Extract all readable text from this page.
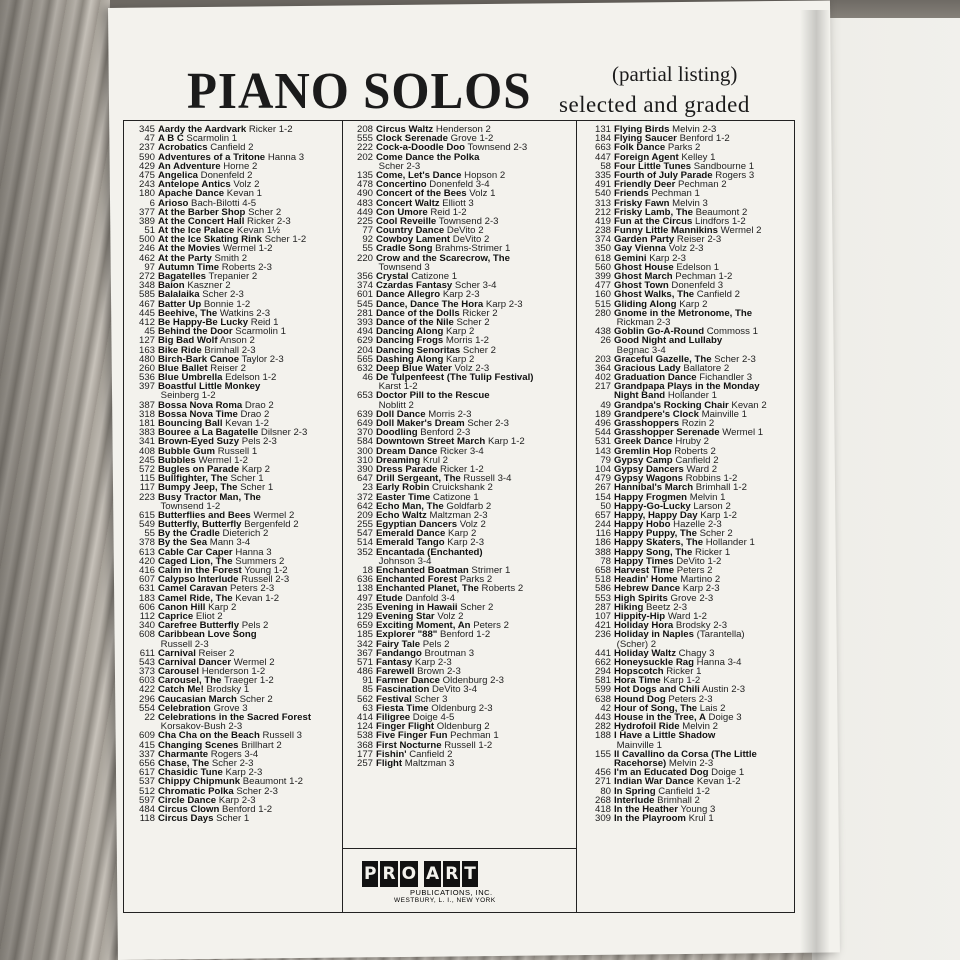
PIANO SOLOS	(partial listing)
selected and graded
345 Aardy the Aardvark Ricker 1-2
47 A B C Scarmolin 1
237 Acrobatics Canfield 2
590 Adventures of a Tritone Hanna 3
429 An Adventure Horne 2
475 Angelica Donenfeld 2
243 Antelope Antics Volz 2
180 Apache Dance Kevan 1
6 Arioso Bach-Bilotti 4-5
377 At the Barber Shop Scher 2
389 At the Concert Hall Ricker 2-3
51 At the Ice Palace Kevan 1½
500 At the Ice Skating Rink Scher 1-2
246 At the Movies Wermel 1-2
462 At the Party Smith 2
97 Autumn Time Roberts 2-3
272 Bagatelles Trepanier 2
348 Baion Kaszner 2
585 Balalaika Scher 2-3
467 Batter Up Bonnie 1-2
445 Beehive, The Watkins 2-3
412 Be Happy-Be Lucky Reid 1
45 Behind the Door Scarmolin 1
127 Big Bad Wolf Anson 2
163 Bike Ride Brimhall 2-3
480 Birch-Bark Canoe Taylor 2-3
260 Blue Ballet Reiser 2
536 Blue Umbrella Edelson 1-2
397 Boastful Little Monkey
Seinberg 1-2
387 Bossa Nova Roma Drao 2
318 Bossa Nova Time Drao 2
181 Bouncing Ball Kevan 1-2
383 Bouree a La Bagatelle Dilsner 2-3
341 Brown-Eyed Suzy Pels 2-3
408 Bubble Gum Russell 1
245 Bubbles Wermel 1-2
572 Bugles on Parade Karp 2
115 Bullfighter, The Scher 1
117 Bumpy Jeep, The Scher 1
223 Busy Tractor Man, The
Townsend 1-2
615 Butterflies and Bees Wermel 2
549 Butterfly, Butterfly Bergenfeld 2
55 By the Cradle Dieterich 2
378 By the Sea Mann 3-4
613 Cable Car Caper Hanna 3
420 Caged Lion, The Summers 2
416 Calm in the Forest Young 1-2
607 Calypso Interlude Russell 2-3
631 Camel Caravan Peters 2-3
183 Camel Ride, The Kevan 1-2
606 Canon Hill Karp 2
112 Caprice Eliot 2
340 Carefree Butterfly Pels 2
608 Caribbean Love Song
Russell 2-3
611 Carnival Reiser 2
543 Carnival Dancer Wermel 2
373 Carousel Henderson 1-2
603 Carousel, The Traeger 1-2
422 Catch Me! Brodsky 1
296 Caucasian March Scher 2
554 Celebration Grove 3
22 Celebrations in the Sacred Forest
Korsakov-Bush 2-3
609 Cha Cha on the Beach Russell 3
415 Changing Scenes Brillhart 2
337 Charmante Rogers 3-4
656 Chase, The Scher 2-3
617 Chasidic Tune Karp 2-3
537 Chippy Chipmunk Beaumont 1-2
512 Chromatic Polka Scher 2-3
597 Circle Dance Karp 2-3
484 Circus Clown Benford 1-2
118 Circus Days Scher 1
208 Circus Waltz Henderson 2
555 Clock Serenade Grove 1-2
222 Cock-a-Doodle Doo Townsend 2-3
202 Come Dance the Polka
Scher 2-3
135 Come, Let's Dance Hopson 2
478 Concertino Donenfeld 3-4
490 Concert of the Bees Volz 1
483 Concert Waltz Elliott 3
449 Con Umore Reid 1-2
225 Cool Reveille Townsend 2-3
77 Country Dance DeVito 2
92 Cowboy Lament DeVito 2
55 Cradle Song Brahms-Strimer 1
220 Crow and the Scarecrow, The
Townsend 3
356 Crystal Catizone 1
374 Czardas Fantasy Scher 3-4
601 Dance Allegro Karp 2-3
545 Dance, Dance The Hora Karp 2-3
281 Dance of the Dolls Ricker 2
393 Dance of the Nile Scher 2
494 Dancing Along Karp 2
629 Dancing Frogs Morris 1-2
204 Dancing Senoritas Scher 2
565 Dashing Along Karp 2
632 Deep Blue Water Volz 2-3
46 De Tulpenfeest (The Tulip Festival)
Karst 1-2
653 Doctor Pill to the Rescue
Noblitt 2
639 Doll Dance Morris 2-3
649 Doll Maker's Dream Scher 2-3
370 Doodling Benford 2-3
584 Downtown Street March Karp 1-2
300 Dream Dance Ricker 3-4
310 Dreaming Krul 2
390 Dress Parade Ricker 1-2
647 Drill Sergeant, The Russell 3-4
23 Early Robin Cruickshank 2
372 Easter Time Catizone 1
642 Echo Man, The Goldfarb 2
209 Echo Waltz Maltzman 2-3
255 Egyptian Dancers Volz 2
547 Emerald Dance Karp 2
514 Emerald Tango Karp 2-3
352 Encantada (Enchanted)
Johnson 3-4
18 Enchanted Boatman Strimer 1
636 Enchanted Forest Parks 2
138 Enchanted Planet, The Roberts 2
497 Etude Danfold 3-4
235 Evening in Hawaii Scher 2
129 Evening Star Volz 2
659 Exciting Moment, An Peters 2
185 Explorer "88" Benford 1-2
342 Fairy Tale Pels 2
367 Fandango Broutman 3
571 Fantasy Karp 2-3
486 Farewell Brown 2-3
91 Farmer Dance Oldenburg 2-3
85 Fascination DeVito 3-4
562 Festival Scher 3
63 Fiesta Time Oldenburg 2-3
414 Filigree Doige 4-5
124 Finger Flight Oldenburg 2
538 Five Finger Fun Pechman 1
368 First Nocturne Russell 1-2
177 Fishin' Canfield 2
257 Flight Maltzman 3
131 Flying Birds Melvin 2-3
184 Flying Saucer Benford 1-2
663 Folk Dance Parks 2
447 Foreign Agent Kelley 1
58 Four Little Tunes Sandbourne 1
335 Fourth of July Parade Rogers 3
491 Friendly Deer Pechman 2
540 Friends Pechman 1
313 Frisky Fawn Melvin 3
212 Frisky Lamb, The Beaumont 2
419 Fun at the Circus Lindfors 1-2
238 Funny Little Mannikins Wermel 2
374 Garden Party Reiser 2-3
350 Gay Vienna Volz 2-3
618 Gemini Karp 2-3
560 Ghost House Edelson 1
399 Ghost March Pechman 1-2
477 Ghost Town Donenfeld 3
160 Ghost Walks, The Canfield 2
515 Gliding Along Karp 2
280 Gnome in the Metronome, The
Rickman 2-3
438 Goblin Go-A-Round Commoss 1
26 Good Night and Lullaby
Begnac 3-4
203 Graceful Gazelle, The Scher 2-3
364 Gracious Lady Ballatore 2
402 Graduation Dance Fichandler 3
217 Grandpapa Plays in the Monday
Night Band Hollander 1
49 Grandpa's Rocking Chair Kevan 2
189 Grandpere's Clock Mainville 1
496 Grasshoppers Rozin 2
544 Grasshopper Serenade Wermel 1
531 Greek Dance Hruby 2
143 Gremlin Hop Roberts 2
79 Gypsy Camp Canfield 2
104 Gypsy Dancers Ward 2
479 Gypsy Wagons Robbins 1-2
267 Hannibal's March Brimhall 1-2
154 Happy Frogmen Melvin 1
50 Happy-Go-Lucky Larson 2
657 Happy, Happy Day Karp 1-2
244 Happy Hobo Hazelle 2-3
116 Happy Puppy, The Scher 2
186 Happy Skaters, The Hollander 1
388 Happy Song, The Ricker 1
78 Happy Times DeVito 1-2
658 Harvest Time Peters 2
518 Headin' Home Martino 2
586 Hebrew Dance Karp 2-3
553 High Spirits Grove 2-3
287 Hiking Beetz 2-3
107 Hippity-Hip Ward 1-2
421 Holiday Hora Brodsky 2-3
236 Holiday in Naples (Tarantella)
(Scher) 2
441 Holiday Waltz Chagy 3
662 Honeysuckle Rag Hanna 3-4
294 Hopscotch Ricker 1
581 Hora Time Karp 1-2
599 Hot Dogs and Chili Austin 2-3
638 Hound Dog Peters 2-3
42 Hour of Song, The Lais 2
443 House in the Tree, A Doige 3
282 Hydrofoil Ride Melvin 2
188 I Have a Little Shadow
Mainville 1
155 Il Cavallino da Corsa (The Little
Racehorse) Melvin 2-3
456 I'm an Educated Dog Doige 1
271 Indian War Dance Kevan 1-2
80 In Spring Canfield 1-2
268 Interlude Brimhall 2
418 In the Heather Young 3
309 In the Playroom Krul 1
P R O A R T
PUBLICATIONS, INC.
WESTBURY, L. I., NEW YORK
